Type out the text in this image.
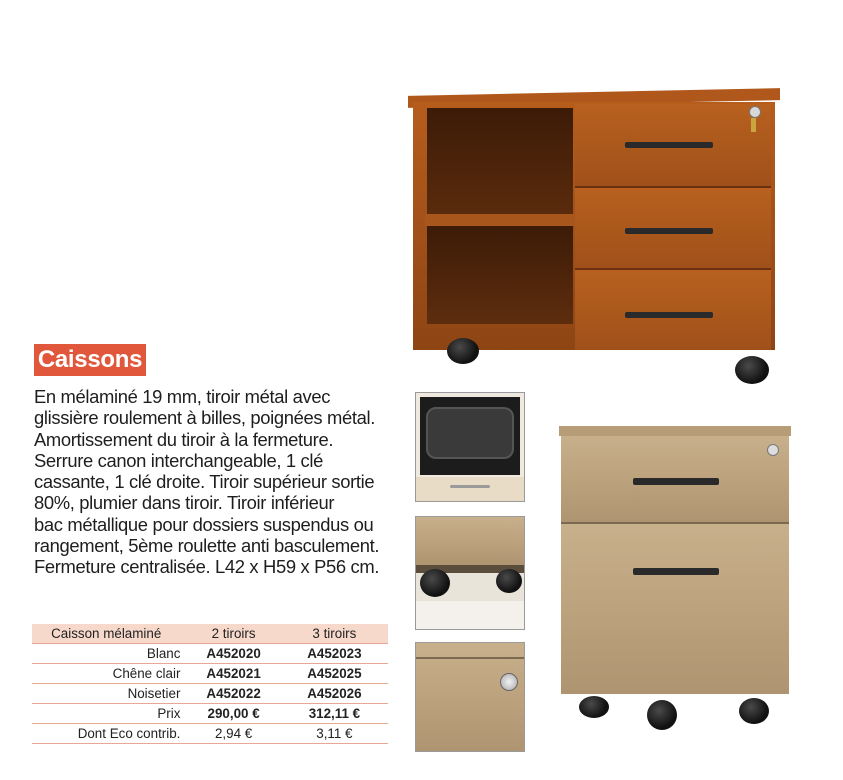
Caissons
En mélaminé 19 mm, tiroir métal avec
glissière roulement à billes, poignées métal.
Amortissement du tiroir à la fermeture.
Serrure canon interchangeable, 1 clé
cassante, 1 clé droite. Tiroir supérieur sortie
80%, plumier dans tiroir. Tiroir inférieur
bac métallique pour dossiers suspendus ou
rangement, 5ème roulette anti basculement.
Fermeture centralisée. L42 x H59 x P56 cm.
Caisson mélaminé	2 tiroirs	3 tiroirs
Blanc	A452020	A452023
Chêne clair	A452021	A452025
Noisetier	A452022	A452026
Prix	290,00 €	312,11 €
Dont Eco contrib.	2,94 €	3,11 €
